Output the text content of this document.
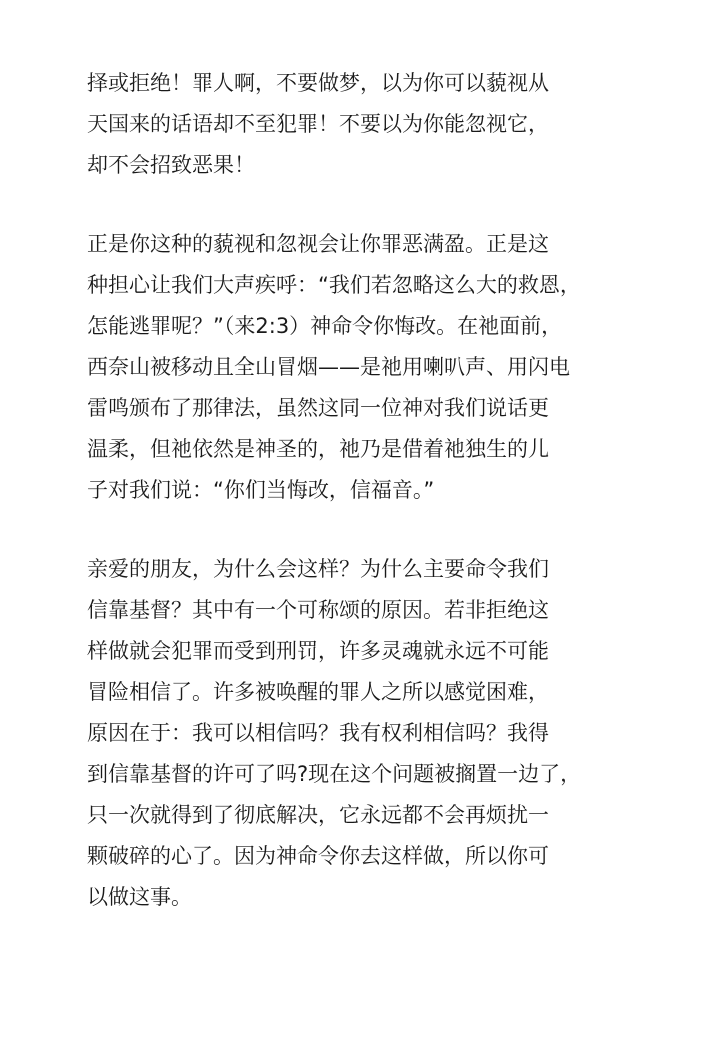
择或拒绝！罪人啊，不要做梦，以为你可以藐视从
天国来的话语却不至犯罪！不要以为你能忽视它，
却不会招致恶果！
正是你这种的藐视和忽视会让你罪恶满盈。正是这
种担心让我们大声疾呼：“我们若忽略这么大的救恩，
怎能逃罪呢？”（来2:3）神命令你悔改。在祂面前，
西奈山被移动且全山冒烟——是祂用喇叭声、用闪电
雷鸣颁布了那律法，虽然这同一位神对我们说话更
温柔，但祂依然是神圣的，祂乃是借着祂独生的儿
子对我们说：“你们当悔改，信福音。”
亲爱的朋友，为什么会这样？为什么主要命令我们
信靠基督？其中有一个可称颂的原因。若非拒绝这
样做就会犯罪而受到刑罚，许多灵魂就永远不可能
冒险相信了。许多被唤醒的罪人之所以感觉困难，
原因在于：我可以相信吗？我有权利相信吗？我得
到信靠基督的许可了吗?现在这个问题被搁置一边了，
只一次就得到了彻底解决，它永远都不会再烦扰一
颗破碎的心了。因为神命令你去这样做，所以你可
以做这事。
